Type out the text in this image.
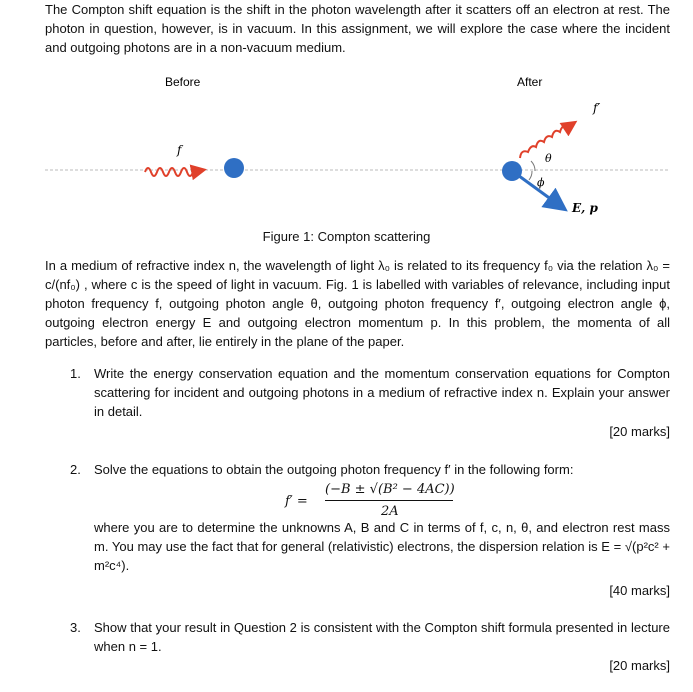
The Compton shift equation is the shift in the photon wavelength after it scatters off an electron at rest. The photon in question, however, is in vacuum. In this assignment, we will explore the case where the incident and outgoing photons are in a non-vacuum medium.
Before	After
f
f′
θ
ϕ
E, p
Figure 1: Compton scattering
In a medium of refractive index n, the wavelength of light λ₀ is related to its frequency f₀ via the relation λ₀ = c/(nf₀) , where c is the speed of light in vacuum. Fig. 1 is labelled with variables of relevance, including input photon frequency f, outgoing photon angle θ, outgoing photon frequency f′, outgoing electron angle ϕ, outgoing electron energy E and outgoing electron momentum p. In this problem, the momenta of all particles, before and after, lie entirely in the plane of the paper.
1. Write the energy conservation equation and the momentum conservation equations for Compton scattering for incident and outgoing photons in a medium of refractive index n. Explain your answer in detail.
[20 marks]
2. Solve the equations to obtain the outgoing photon frequency f′ in the following form:
f′ =
(−B ± √(B² − 4AC))
2A
where you are to determine the unknowns A, B and C in terms of f, c, n, θ, and electron rest mass m. You may use the fact that for general (relativistic) electrons, the dispersion relation is E = √(p²c² + m²c⁴).
[40 marks]
3. Show that your result in Question 2 is consistent with the Compton shift formula presented in lecture when n = 1.
[20 marks]
